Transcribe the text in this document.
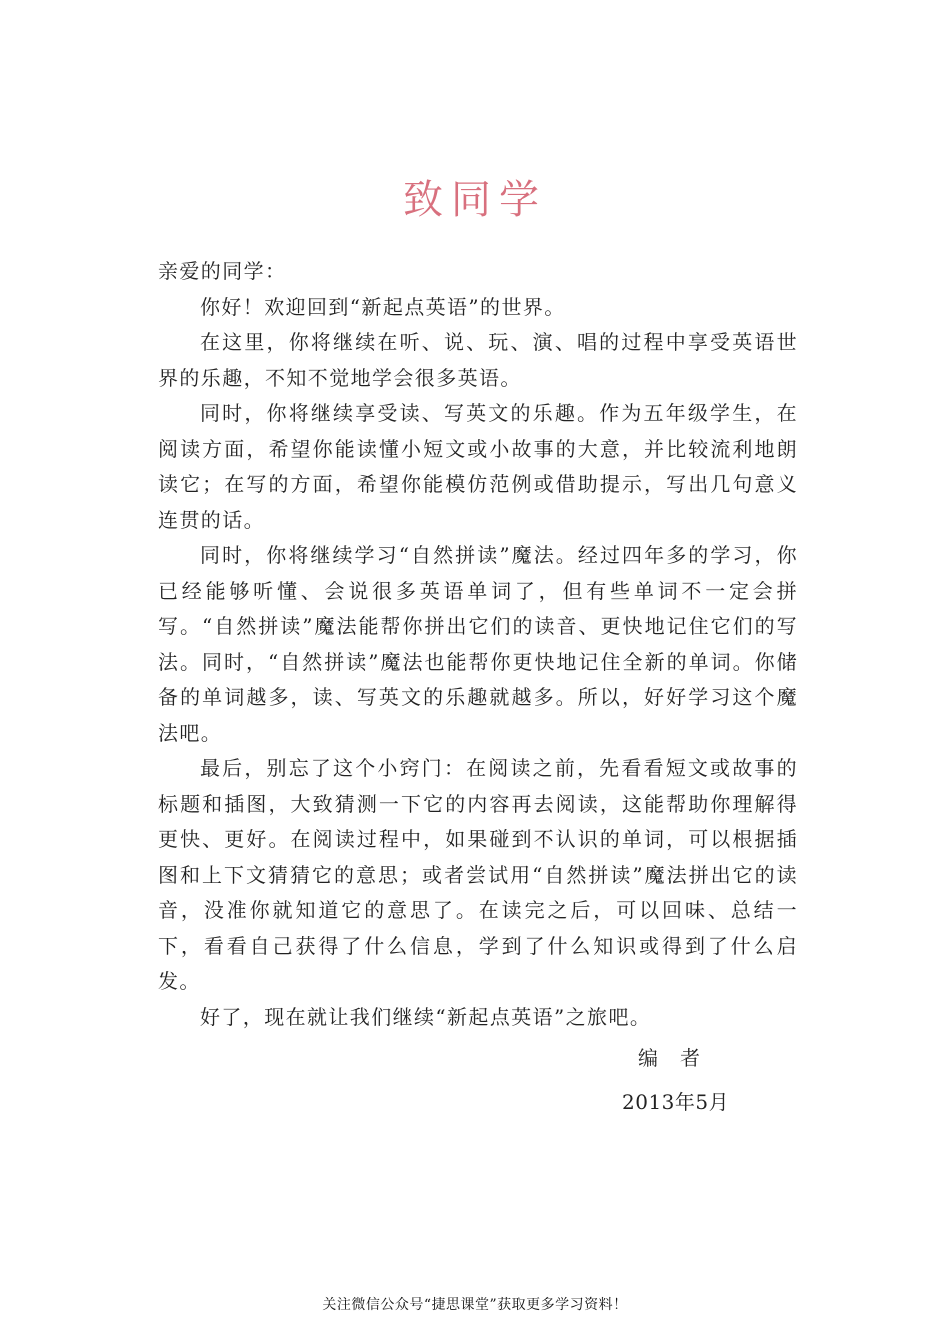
致同学

亲爱的同学：

你好！欢迎回到“新起点英语”的世界。

在这里，你将继续在听、说、玩、演、唱的过程中享受英语世界的乐趣，不知不觉地学会很多英语。

同时，你将继续享受读、写英文的乐趣。作为五年级学生，在阅读方面，希望你能读懂小短文或小故事的大意，并比较流利地朗读它；在写的方面，希望你能模仿范例或借助提示，写出几句意义连贯的话。

同时，你将继续学习“自然拼读”魔法。经过四年多的学习，你已经能够听懂、会说很多英语单词了，但有些单词不一定会拼写。“自然拼读”魔法能帮你拼出它们的读音、更快地记住它们的写法。同时，“自然拼读”魔法也能帮你更快地记住全新的单词。你储备的单词越多，读、写英文的乐趣就越多。所以，好好学习这个魔法吧。

最后，别忘了这个小窍门：在阅读之前，先看看短文或故事的标题和插图，大致猜测一下它的内容再去阅读，这能帮助你理解得更快、更好。在阅读过程中，如果碰到不认识的单词，可以根据插图和上下文猜猜它的意思；或者尝试用“自然拼读”魔法拼出它的读音，没准你就知道它的意思了。在读完之后，可以回味、总结一下，看看自己获得了什么信息，学到了什么知识或得到了什么启发。

好了，现在就让我们继续“新起点英语”之旅吧。

编者
2013年5月
关注微信公众号“捷思课堂”获取更多学习资料！
